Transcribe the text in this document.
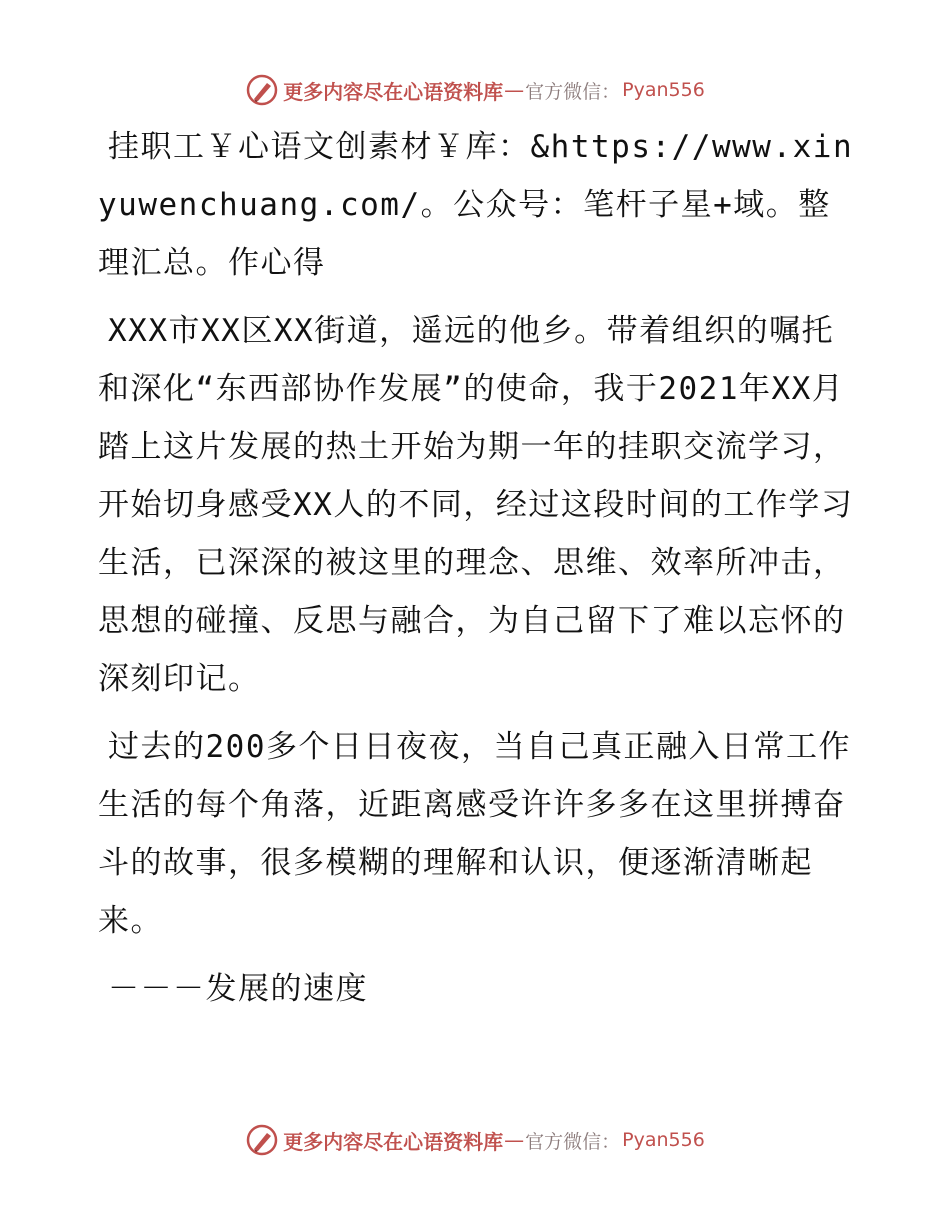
更多内容尽在心语资料库 — 官方微信： Pyan556

挂职工￥心语文创素材￥库：&https://www.xinyuwenchuang.com/。公众号：笔杆子星+域。整理汇总。作心得

XXX市XX区XX街道，遥远的他乡。带着组织的嘱托和深化“东西部协作发展”的使命，我于2021年XX月踏上这片发展的热土开始为期一年的挂职交流学习，开始切身感受XX人的不同，经过这段时间的工作学习生活，已深深的被这里的理念、思维、效率所冲击，思想的碰撞、反思与融合，为自己留下了难以忘怀的深刻印记。

过去的200多个日日夜夜，当自己真正融入日常工作生活的每个角落，近距离感受许许多多在这里拼搏奋斗的故事，很多模糊的理解和认识，便逐渐清晰起来。

－－－发展的速度

更多内容尽在心语资料库 — 官方微信： Pyan556
